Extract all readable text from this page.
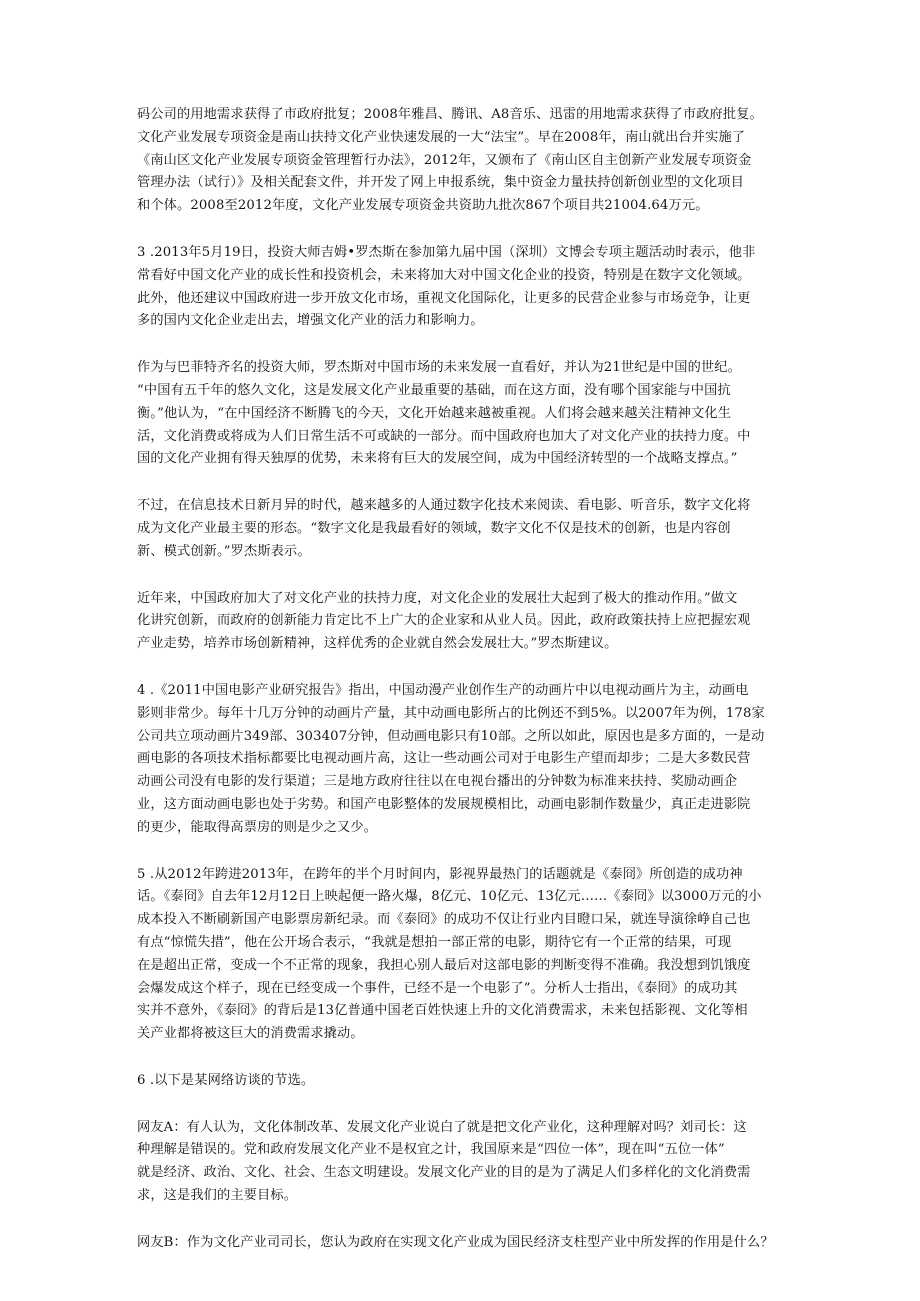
码公司的用地需求获得了市政府批复；2008年雅昌、腾讯、A8音乐、迅雷的用地需求获得了市政府批复。
文化产业发展专项资金是南山扶持文化产业快速发展的一大“法宝”。早在2008年，南山就出台并实施了
《南山区文化产业发展专项资金管理暂行办法》，2012年，又颁布了《南山区自主创新产业发展专项资金
管理办法（试行）》及相关配套文件，并开发了网上申报系统，集中资金力量扶持创新创业型的文化项目
和个体。2008至2012年度，文化产业发展专项资金共资助九批次867个项目共21004.64万元。

3 .2013年5月19日，投资大师吉姆•罗杰斯在参加第九届中国（深圳）文博会专项主题活动时表示，他非
常看好中国文化产业的成长性和投资机会，未来将加大对中国文化企业的投资，特别是在数字文化领域。
此外，他还建议中国政府进一步开放文化市场，重视文化国际化，让更多的民营企业参与市场竞争，让更
多的国内文化企业走出去，增强文化产业的活力和影响力。

作为与巴菲特齐名的投资大师，罗杰斯对中国市场的未来发展一直看好，并认为21世纪是中国的世纪。
“中国有五千年的悠久文化，这是发展文化产业最重要的基础，而在这方面，没有哪个国家能与中国抗
衡。”他认为，“在中国经济不断腾飞的今天，文化开始越来越被重视。人们将会越来越关注精神文化生
活，文化消费或将成为人们日常生活不可或缺的一部分。而中国政府也加大了对文化产业的扶持力度。中
国的文化产业拥有得天独厚的优势，未来将有巨大的发展空间，成为中国经济转型的一个战略支撑点。”

不过，在信息技术日新月异的时代，越来越多的人通过数字化技术来阅读、看电影、听音乐，数字文化将
成为文化产业最主要的形态。“数字文化是我最看好的领域，数字文化不仅是技术的创新，也是内容创
新、模式创新。”罗杰斯表示。

近年来，中国政府加大了对文化产业的扶持力度，对文化企业的发展壮大起到了极大的推动作用。”做文
化讲究创新，而政府的创新能力肯定比不上广大的企业家和从业人员。因此，政府政策扶持上应把握宏观
产业走势，培养市场创新精神，这样优秀的企业就自然会发展壮大。”罗杰斯建议。

4 .《2011中国电影产业研究报告》指出，中国动漫产业创作生产的动画片中以电视动画片为主，动画电
影则非常少。每年十几万分钟的动画片产量，其中动画电影所占的比例还不到5%。以2007年为例，178家
公司共立项动画片349部、303407分钟，但动画电影只有10部。之所以如此，原因也是多方面的，一是动
画电影的各项技术指标都要比电视动画片高，这让一些动画公司对于电影生产望而却步；二是大多数民营
动画公司没有电影的发行渠道；三是地方政府往往以在电视台播出的分钟数为标准来扶持、奖励动画企
业，这方面动画电影也处于劣势。和国产电影整体的发展规模相比，动画电影制作数量少，真正走进影院
的更少，能取得高票房的则是少之又少。

5 .从2012年跨进2013年，在跨年的半个月时间内，影视界最热门的话题就是《泰冏》所创造的成功神
话。《泰冏》自去年12月12日上映起便一路火爆，8亿元、10亿元、13亿元……《泰冏》以3000万元的小
成本投入不断刷新国产电影票房新纪录。而《泰冏》的成功不仅让行业内目瞪口呆，就连导演徐峥自己也
有点“惊慌失措”，他在公开场合表示，“我就是想拍一部正常的电影，期待它有一个正常的结果，可现
在是超出正常，变成一个不正常的现象，我担心别人最后对这部电影的判断变得不准确。我没想到饥饿度
会爆发成这个样子，现在已经变成一个事件，已经不是一个电影了”。分析人士指出，《泰冏》的成功其
实并不意外，《泰冏》的背后是13亿普通中国老百姓快速上升的文化消费需求，未来包括影视、文化等相
关产业都将被这巨大的消费需求撬动。

6 .以下是某网络访谈的节选。

网友A：有人认为，文化体制改革、发展文化产业说白了就是把文化产业化，这种理解对吗？刘司长：这
种理解是错误的。党和政府发展文化产业不是权宜之计，我国原来是“四位一体”，现在叫“五位一体”
就是经济、政治、文化、社会、生态文明建设。发展文化产业的目的是为了满足人们多样化的文化消费需
求，这是我们的主要目标。

网友B：作为文化产业司司长，您认为政府在实现文化产业成为国民经济支柱型产业中所发挥的作用是什么？
